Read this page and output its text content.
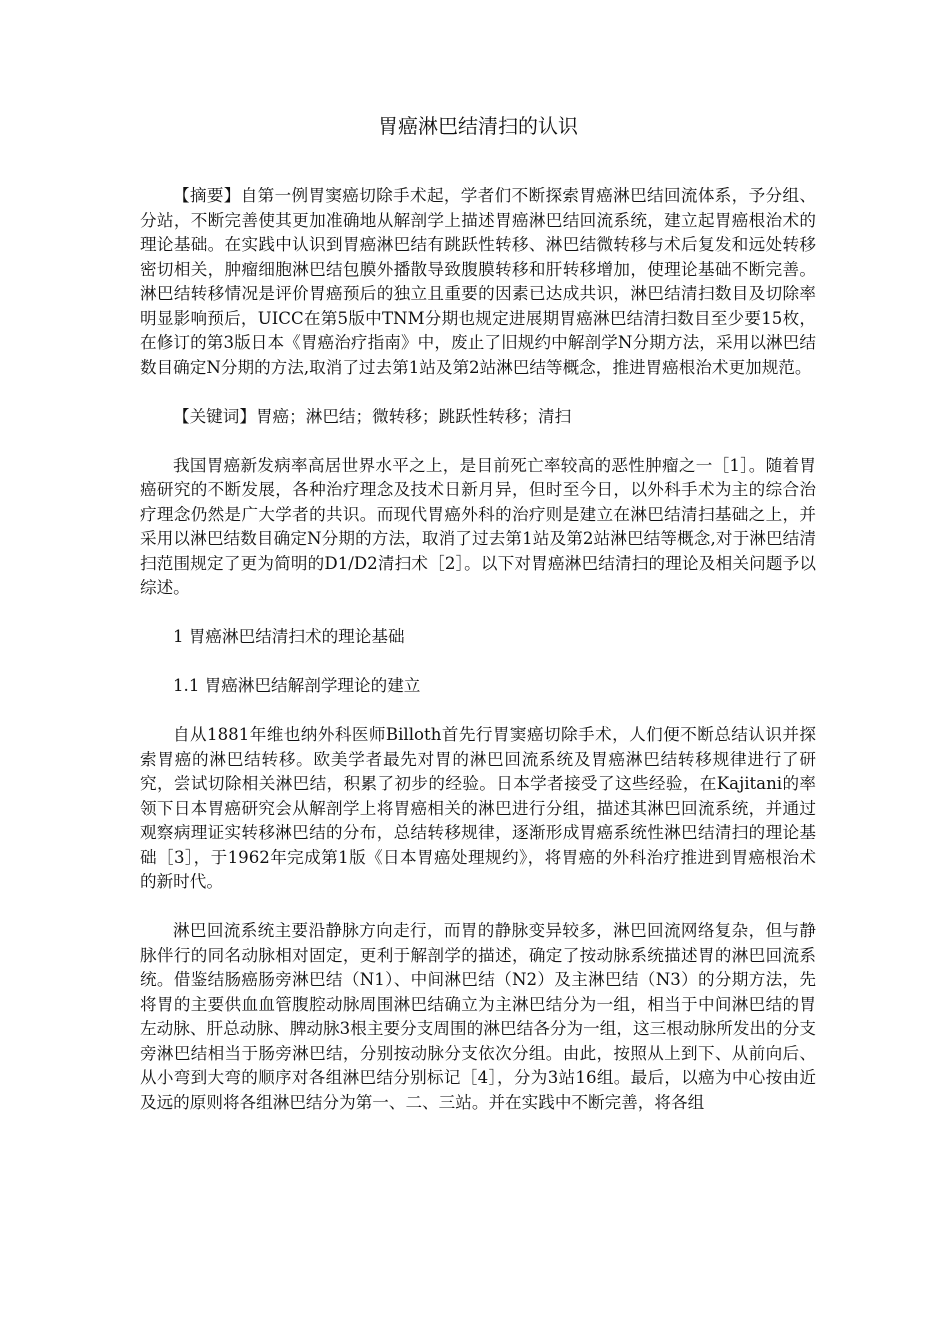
胃癌淋巴结清扫的认识

【摘要】自第一例胃窦癌切除手术起，学者们不断探索胃癌淋巴结回流体系，予分组、分站，不断完善使其更加准确地从解剖学上描述胃癌淋巴结回流系统，建立起胃癌根治术的理论基础。在实践中认识到胃癌淋巴结有跳跃性转移、淋巴结微转移与术后复发和远处转移密切相关，肿瘤细胞淋巴结包膜外播散导致腹膜转移和肝转移增加，使理论基础不断完善。淋巴结转移情况是评价胃癌预后的独立且重要的因素已达成共识，淋巴结清扫数目及切除率明显影响预后，UICC在第5版中TNM分期也规定进展期胃癌淋巴结清扫数目至少要15枚，在修订的第3版日本《胃癌治疗指南》中，废止了旧规约中解剖学N分期方法，采用以淋巴结数目确定N分期的方法,取消了过去第1站及第2站淋巴结等概念，推进胃癌根治术更加规范。

【关键词】胃癌；淋巴结；微转移；跳跃性转移；清扫

我国胃癌新发病率高居世界水平之上，是目前死亡率较高的恶性肿瘤之一［1］。随着胃癌研究的不断发展，各种治疗理念及技术日新月异，但时至今日，以外科手术为主的综合治疗理念仍然是广大学者的共识。而现代胃癌外科的治疗则是建立在淋巴结清扫基础之上，并采用以淋巴结数目确定N分期的方法，取消了过去第1站及第2站淋巴结等概念,对于淋巴结清扫范围规定了更为简明的D1/D2清扫术［2］。以下对胃癌淋巴结清扫的理论及相关问题予以综述。

1 胃癌淋巴结清扫术的理论基础

1.1 胃癌淋巴结解剖学理论的建立

自从1881年维也纳外科医师Billoth首先行胃窦癌切除手术，人们便不断总结认识并探索胃癌的淋巴结转移。欧美学者最先对胃的淋巴回流系统及胃癌淋巴结转移规律进行了研究，尝试切除相关淋巴结，积累了初步的经验。日本学者接受了这些经验，在Kajitani的率领下日本胃癌研究会从解剖学上将胃癌相关的淋巴进行分组，描述其淋巴回流系统，并通过观察病理证实转移淋巴结的分布，总结转移规律，逐渐形成胃癌系统性淋巴结清扫的理论基础［3］，于1962年完成第1版《日本胃癌处理规约》，将胃癌的外科治疗推进到胃癌根治术的新时代。

淋巴回流系统主要沿静脉方向走行，而胃的静脉变异较多，淋巴回流网络复杂，但与静脉伴行的同名动脉相对固定，更利于解剖学的描述，确定了按动脉系统描述胃的淋巴回流系统。借鉴结肠癌肠旁淋巴结（N1）、中间淋巴结（N2）及主淋巴结（N3）的分期方法，先将胃的主要供血血管腹腔动脉周围淋巴结确立为主淋巴结分为一组，相当于中间淋巴结的胃左动脉、肝总动脉、脾动脉3根主要分支周围的淋巴结各分为一组，这三根动脉所发出的分支旁淋巴结相当于肠旁淋巴结，分别按动脉分支依次分组。由此，按照从上到下、从前向后、从小弯到大弯的顺序对各组淋巴结分别标记［4］，分为3站16组。最后，以癌为中心按由近及远的原则将各组淋巴结分为第一、二、三站。并在实践中不断完善，将各组
